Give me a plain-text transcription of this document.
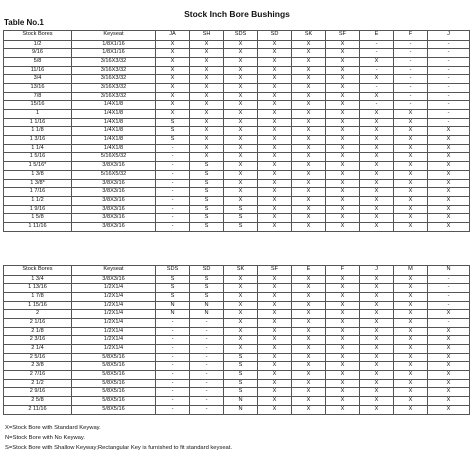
Stock Inch Bore Bushings
Table No.1
Stock Bores	Keyseat	JA	SH	SDS	SD	SK	SF	E	F	J
1/2	1/8X1/16	X	X	X	X	X	X	-	-	-
9/16	1/8X1/16	X	X	X	X	X	X	-	-	-
5/8	3/16X3/32	X	X	X	X	X	X	X	-	-
11/16	3/16X3/32	X	X	X	X	X	X	-	-	-
3/4	3/16X3/32	X	X	X	X	X	X	X	-	-
13/16	3/16X3/32	X	X	X	X	X	X	-	-	-
7/8	3/16X3/32	X	X	X	X	X	X	X	-	-
15/16	1/4X1/8	X	X	X	X	X	X	-	-	-
1	1/4X1/8	X	X	X	X	X	X	X	X	-
1 1/16	1/4X1/8	S	X	X	X	X	X	X	X	-
1 1/8	1/4X1/8	S	X	X	X	X	X	X	X	X
1 3/16	1/4X1/8	S	X	X	X	X	X	X	X	X
1 1/4	1/4X1/8	-	X	X	X	X	X	X	X	X
1 5/16	5/16X5/32	-	X	X	X	X	X	X	X	X
1 5/16*	3/8X3/16	-	S	X	X	X	X	X	X	X
1 3/8	5/16X5/32	-	S	X	X	X	X	X	X	X
1 3/8*	3/8X3/16	-	S	X	X	X	X	X	X	X
1 7/16	3/8X3/16	-	S	X	X	X	X	X	X	X
1 1/2	3/8X3/16	-	S	X	X	X	X	X	X	X
1 9/16	3/8X3/16	-	S	S	X	X	X	X	X	X
1 5/8	3/8X3/16	-	S	S	X	X	X	X	X	X
1 11/16	3/8X3/16	-	S	S	X	X	X	X	X	X
Stock Bores	Keyseat	SDS	SD	SK	SF	E	F	J	M	N
1 3/4	3/8X3/16	S	S	X	X	X	X	X	X	-
1 13/16	1/2X1/4	S	S	X	X	X	X	X	X	-
1 7/8	1/2X1/4	S	S	X	X	X	X	X	X	-
1 15/16	1/2X1/4	N	N	X	X	X	X	X	X	-
2	1/2X1/4	N	N	X	X	X	X	X	X	X
2 1/16	1/2X1/4	-	-	X	X	X	X	X	X	-
2 1/8	1/2X1/4	-	-	X	X	X	X	X	X	X
2 3/16	1/2X1/4	-	-	X	X	X	X	X	X	X
2 1/4	1/2X1/4	-	-	X	X	X	X	X	X	X
2 5/16	5/8X5/16	-	-	S	X	X	X	X	X	X
2 3/8	5/8X5/16	-	-	S	X	X	X	X	X	X
2 7/16	5/8X5/16	-	-	S	X	X	X	X	X	X
2 1/2	5/8X5/16	-	-	S	X	X	X	X	X	X
2 9/16	5/8X5/16	-	-	S	X	X	X	X	X	X
2 5/8	5/8X5/16	-	-	N	X	X	X	X	X	X
2 11/16	5/8X5/16	-	-	N	X	X	X	X	X	X
X=Stock Bore with Standard Keyway.
N=Stock Bore with No Keyway.
S=Stock Bore with Shallow Keyway;Rectangular Key is furnished to fit standard keyseat.
